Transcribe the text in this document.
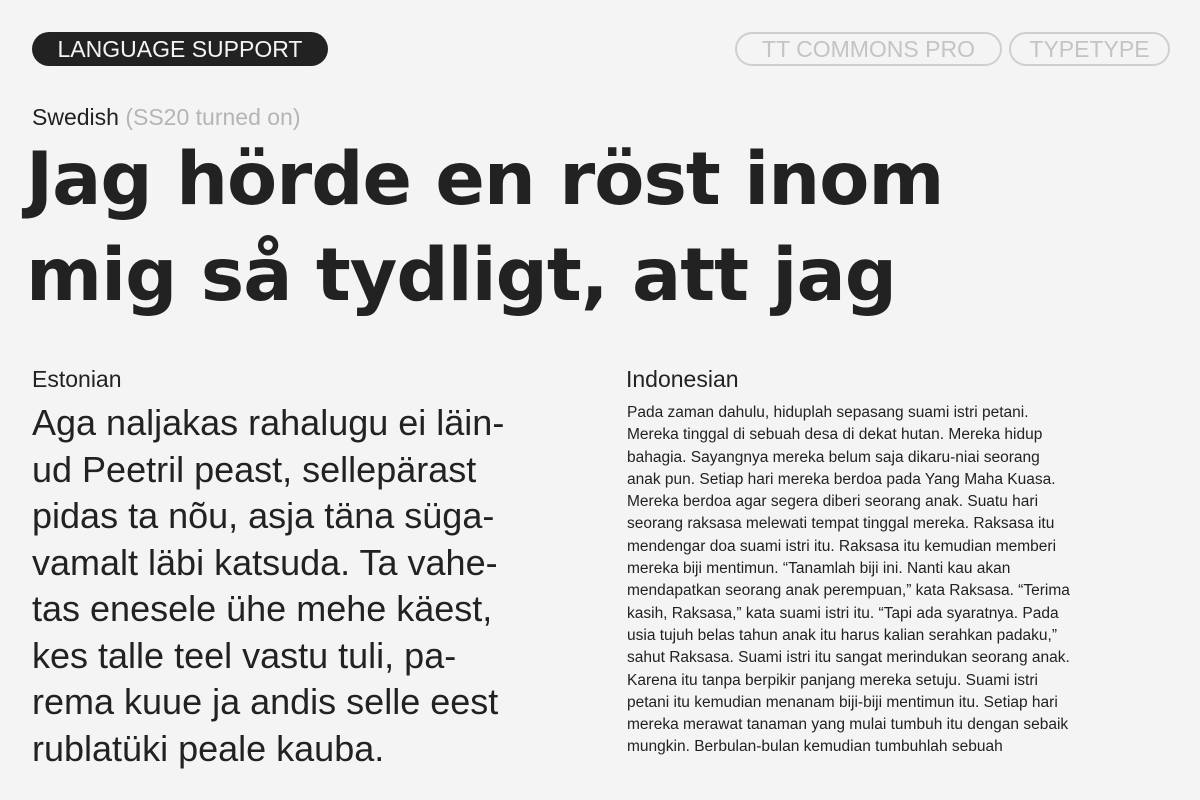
LANGUAGE SUPPORT	TT COMMONS PRO	TYPETYPE
Swedish (SS20 turned on)
Jag hörde en röst inom
mig så tydligt, att jag
Estonian
Aga naljakas rahalugu ei läin-
ud Peetril peast, sellepärast
pidas ta nõu, asja täna süga-
vamalt läbi katsuda. Ta vahe-
tas enesele ühe mehe käest,
kes talle teel vastu tuli, pa-
rema kuue ja andis selle eest
rublatüki peale kauba.
Indonesian
Pada zaman dahulu, hiduplah sepasang suami istri petani.
Mereka tinggal di sebuah desa di dekat hutan. Mereka hidup
bahagia. Sayangnya mereka belum saja dikaru-niai seorang
anak pun. Setiap hari mereka berdoa pada Yang Maha Kuasa.
Mereka berdoa agar segera diberi seorang anak. Suatu hari
seorang raksasa melewati tempat tinggal mereka. Raksasa itu
mendengar doa suami istri itu. Raksasa itu kemudian memberi
mereka biji mentimun. “Tanamlah biji ini. Nanti kau akan
mendapatkan seorang anak perempuan,” kata Raksasa. “Terima
kasih, Raksasa,” kata suami istri itu. “Tapi ada syaratnya. Pada
usia tujuh belas tahun anak itu harus kalian serahkan padaku,”
sahut Raksasa. Suami istri itu sangat merindukan seorang anak.
Karena itu tanpa berpikir panjang mereka setuju. Suami istri
petani itu kemudian menanam biji-biji mentimun itu. Setiap hari
mereka merawat tanaman yang mulai tumbuh itu dengan sebaik
mungkin. Berbulan-bulan kemudian tumbuhlah sebuah
